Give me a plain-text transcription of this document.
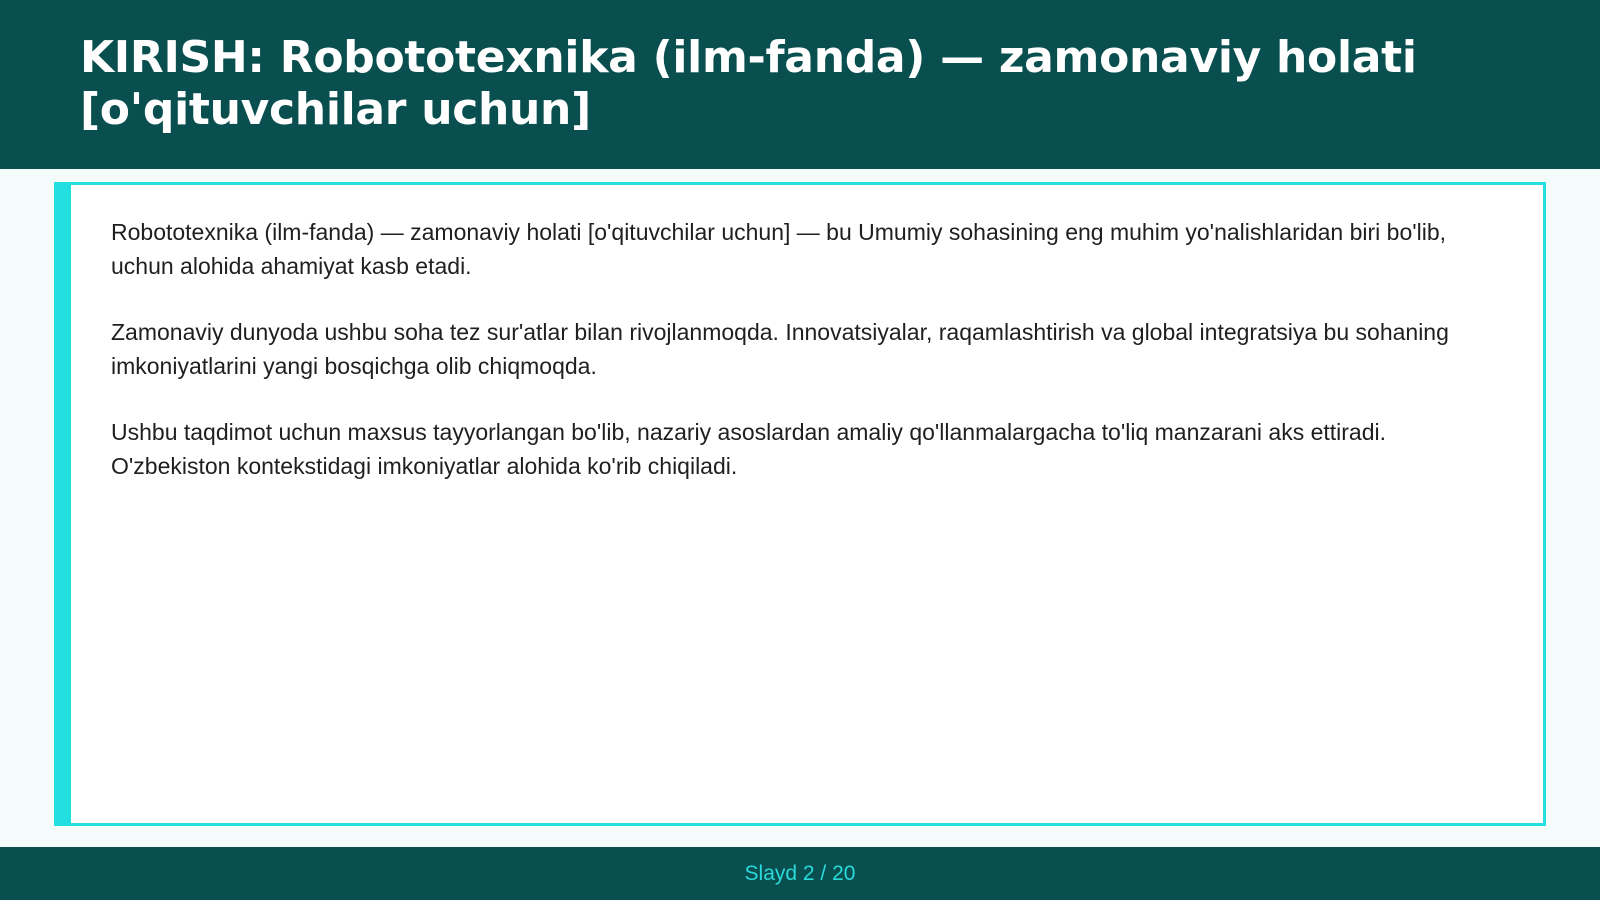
KIRISH: Robototexnika (ilm-fanda) — zamonaviy holati
[o'qituvchilar uchun]

Robototexnika (ilm-fanda) — zamonaviy holati [o'qituvchilar uchun] — bu Umumiy sohasining eng muhim yo'nalishlaridan biri bo'lib, uchun alohida ahamiyat kasb etadi.

Zamonaviy dunyoda ushbu soha tez sur'atlar bilan rivojlanmoqda. Innovatsiyalar, raqamlashtirish va global integratsiya bu sohaning imkoniyatlarini yangi bosqichga olib chiqmoqda.

Ushbu taqdimot uchun maxsus tayyorlangan bo'lib, nazariy asoslardan amaliy qo'llanmalargacha to'liq manzarani aks ettiradi. O'zbekiston kontekstidagi imkoniyatlar alohida ko'rib chiqiladi.

Slayd 2 / 20
